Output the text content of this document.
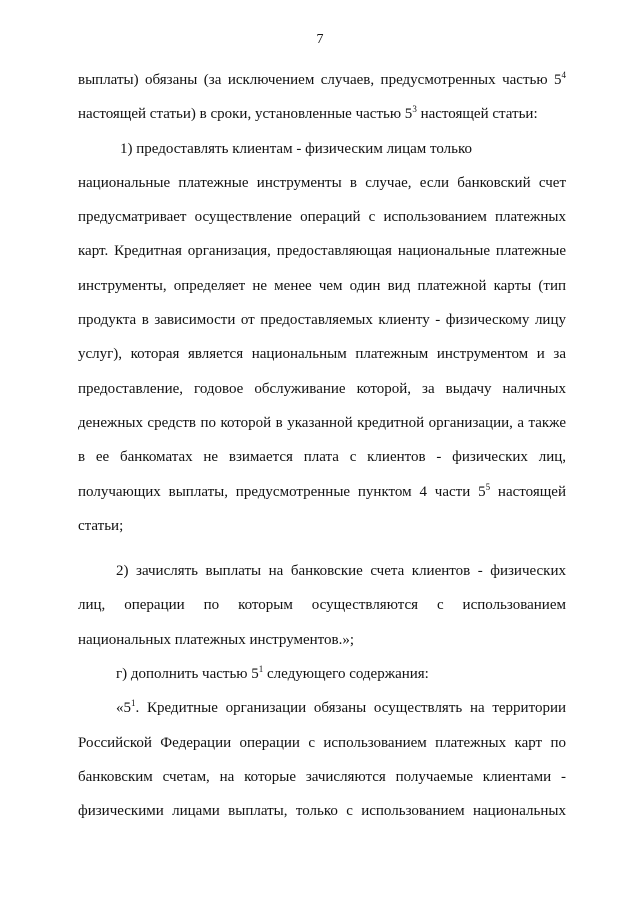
7
выплаты) обязаны (за исключением случаев, предусмотренных частью $5^4$
настоящей статьи) в сроки, установленные частью $5^3$ настоящей статьи:
1) предоставлять клиентам - физическим лицам только
национальные платежные инструменты в случае, если банковский счет
предусматривает осуществление операций с использованием платежных
карт. Кредитная организация, предоставляющая национальные платежные
инструменты, определяет не менее чем один вид платежной карты (тип
продукта в зависимости от предоставляемых клиенту - физическому лицу
услуг), которая является национальным платежным инструментом и за
предоставление, годовое обслуживание которой, за выдачу наличных
денежных средств по которой в указанной кредитной организации, а также
в ее банкоматах не взимается плата с клиентов - физических лиц,
получающих выплаты, предусмотренные пунктом 4 части $5^5$ настоящей
статьи;
2) зачислять выплаты на банковские счета клиентов - физических
лиц, операции по которым осуществляются с использованием
национальных платежных инструментов.»;
г) дополнить частью $5^1$ следующего содержания:
«$5^1$. Кредитные организации обязаны осуществлять на территории
Российской Федерации операции с использованием платежных карт по
банковским счетам, на которые зачисляются получаемые клиентами -
физическими лицами выплаты, только с использованием национальных
